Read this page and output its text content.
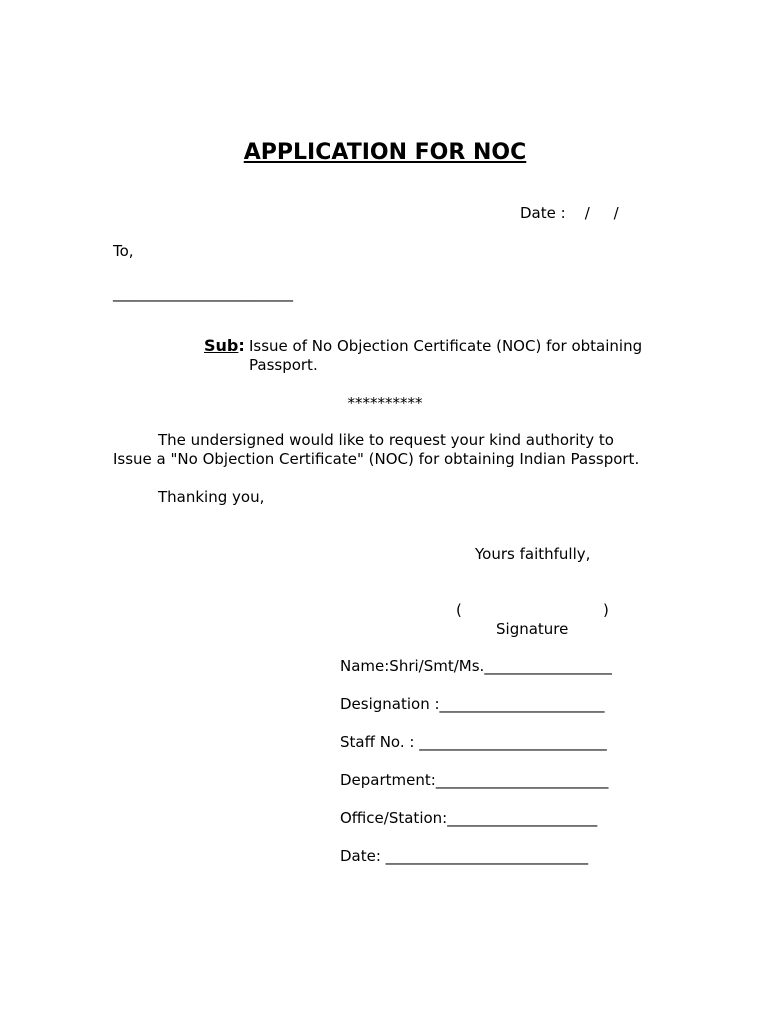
APPLICATION FOR NOC
Date :    /     /
To,
________________________
Sub: Issue of No Objection Certificate (NOC) for obtaining
Passport.
**********
The undersigned would like to request your kind authority to
Issue a "No Objection Certificate" (NOC) for obtaining Indian Passport.
Thanking you,
Yours faithfully,
(	)
Signature
Name:Shri/Smt/Ms._________________
Designation :______________________
Staff No. : _________________________
Department:_______________________
Office/Station:____________________
Date: ___________________________
